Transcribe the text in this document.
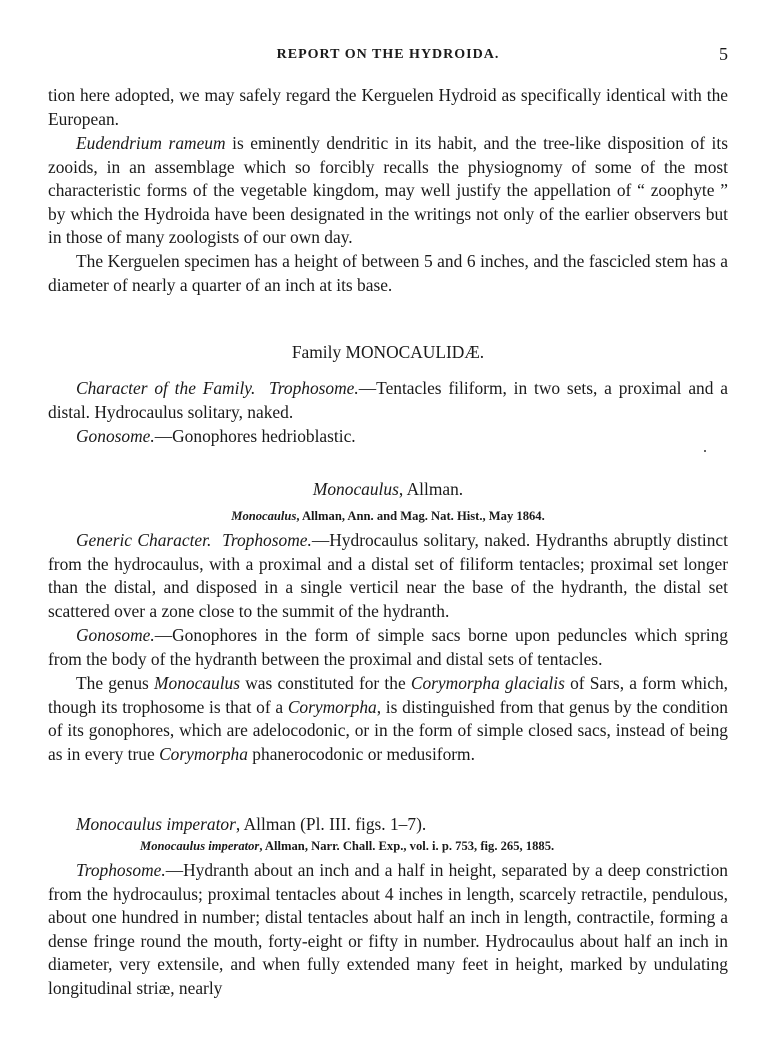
REPORT ON THE HYDROIDA.	5

tion here adopted, we may safely regard the Kerguelen Hydroid as specifically identical with the European.

Eudendrium rameum is eminently dendritic in its habit, and the tree-like disposition of its zooids, in an assemblage which so forcibly recalls the physiognomy of some of the most characteristic forms of the vegetable kingdom, may well justify the appellation of “ zoophyte ” by which the Hydroida have been designated in the writings not only of the earlier observers but in those of many zoologists of our own day.

The Kerguelen specimen has a height of between 5 and 6 inches, and the fascicled stem has a diameter of nearly a quarter of an inch at its base.

Family MONOCAULIDÆ.

Character of the Family. Trophosome.—Tentacles filiform, in two sets, a proximal and a distal. Hydrocaulus solitary, naked.

Gonosome.—Gonophores hedrioblastic.

Monocaulus, Allman.

Monocaulus, Allman, Ann. and Mag. Nat. Hist., May 1864.

Generic Character. Trophosome.—Hydrocaulus solitary, naked. Hydranths abruptly distinct from the hydrocaulus, with a proximal and a distal set of filiform tentacles; proximal set longer than the distal, and disposed in a single verticil near the base of the hydranth, the distal set scattered over a zone close to the summit of the hydranth.

Gonosome.—Gonophores in the form of simple sacs borne upon peduncles which spring from the body of the hydranth between the proximal and distal sets of tentacles.

The genus Monocaulus was constituted for the Corymorpha glacialis of Sars, a form which, though its trophosome is that of a Corymorpha, is distinguished from that genus by the condition of its gonophores, which are adelocodonic, or in the form of simple closed sacs, instead of being as in every true Corymorpha phanerocodonic or medusiform.

Monocaulus imperator, Allman (Pl. III. figs. 1–7).

Monocaulus imperator, Allman, Narr. Chall. Exp., vol. i. p. 753, fig. 265, 1885.

Trophosome.—Hydranth about an inch and a half in height, separated by a deep constriction from the hydrocaulus; proximal tentacles about 4 inches in length, scarcely retractile, pendulous, about one hundred in number; distal tentacles about half an inch in length, contractile, forming a dense fringe round the mouth, forty-eight or fifty in number. Hydrocaulus about half an inch in diameter, very extensile, and when fully extended many feet in height, marked by undulating longitudinal striæ, nearly
